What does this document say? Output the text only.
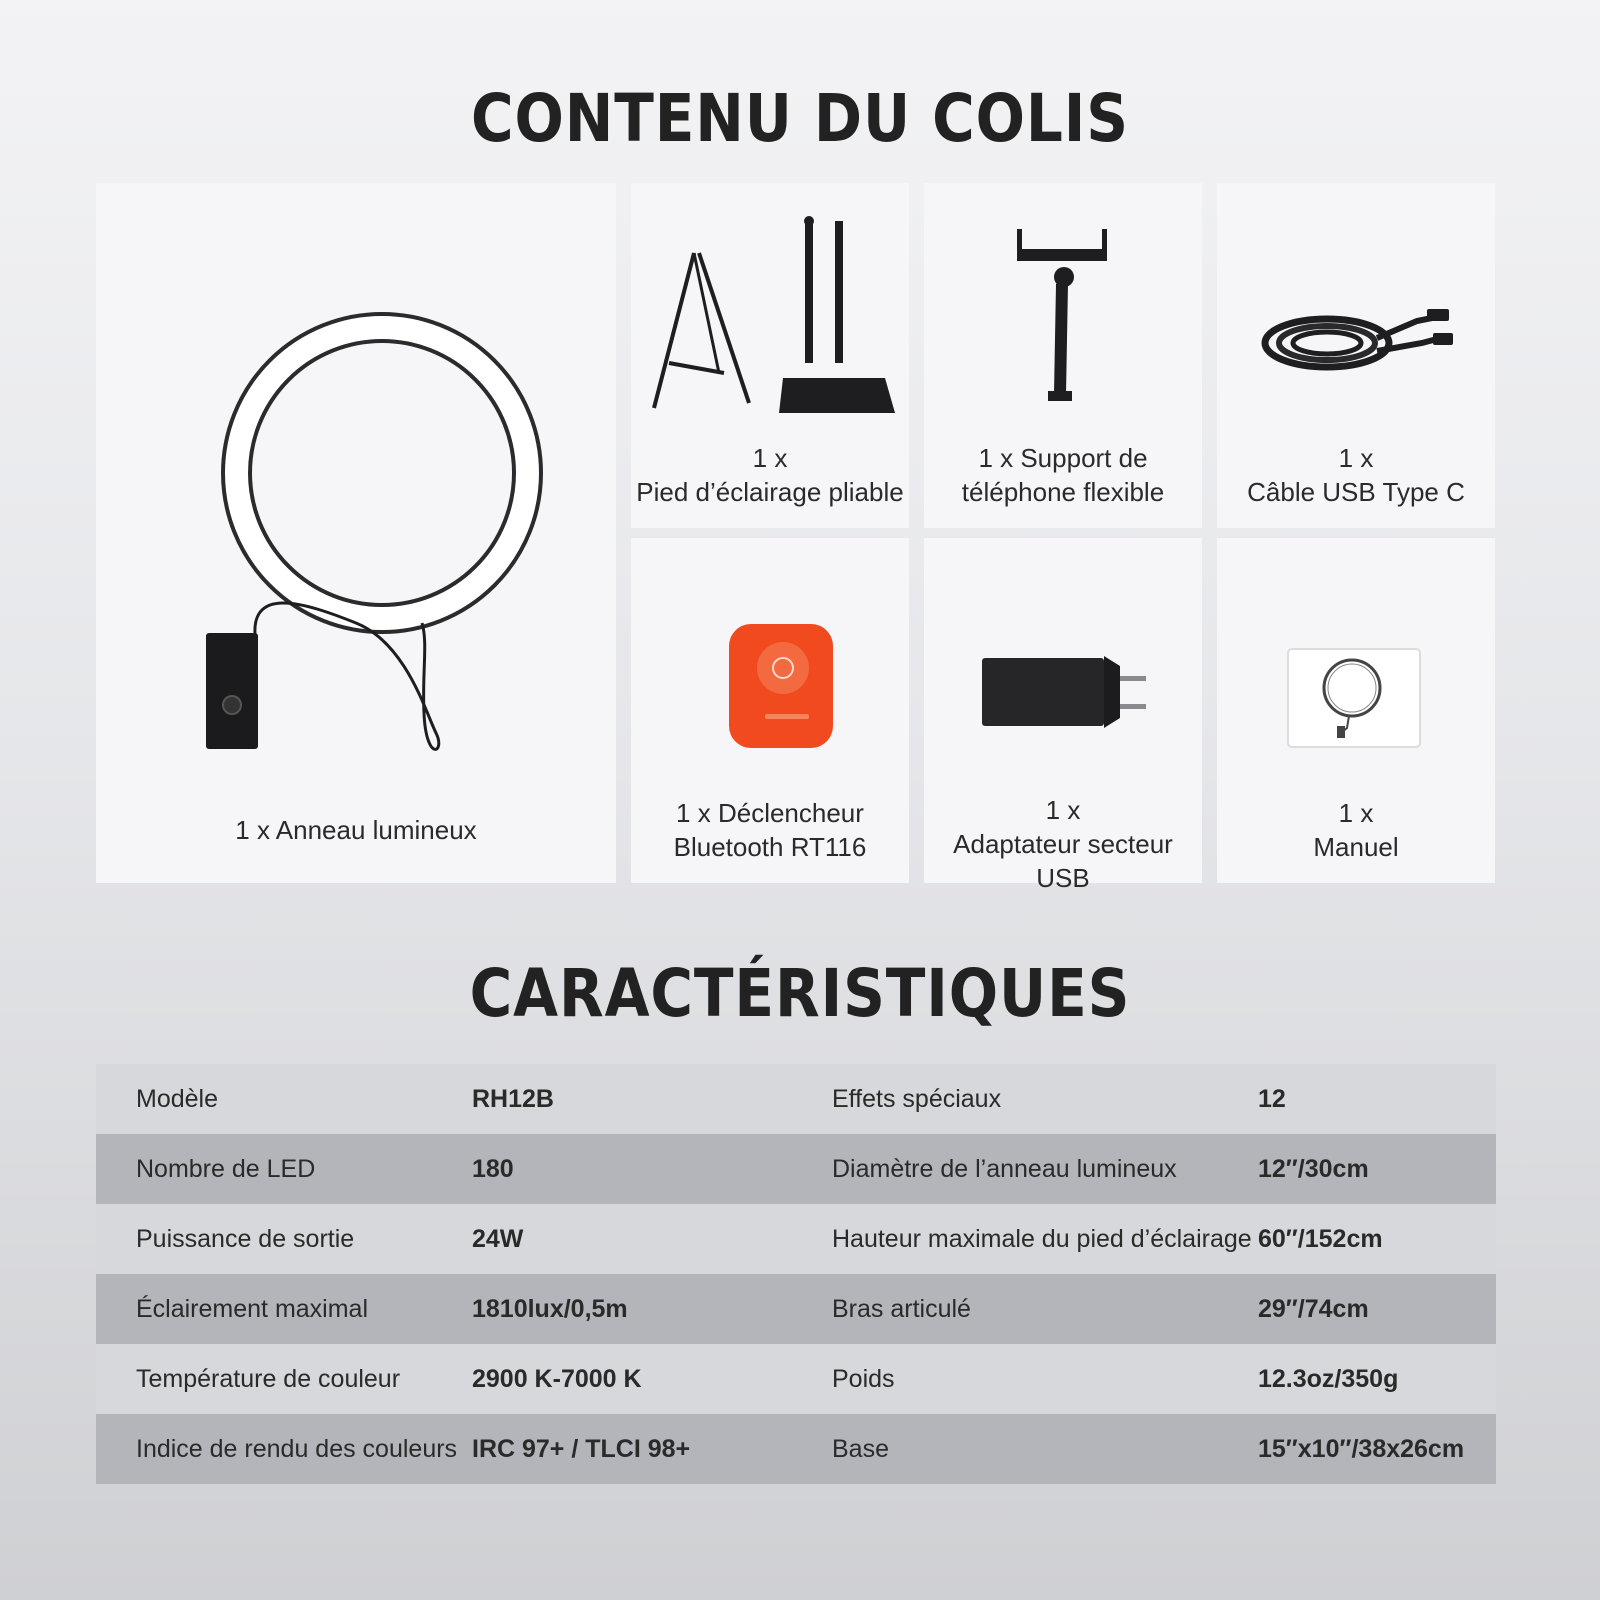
CONTENU DU COLIS
1 x Anneau lumineux
1 x
Pied d’éclairage pliable
1 x Support de
téléphone flexible
1 x
Câble USB Type C
1 x Déclencheur
Bluetooth RT116
1 x
Adaptateur secteur USB
1 x
Manuel
CARACTÉRISTIQUES
Modèle	RH12B	Effets spéciaux	12
Nombre de LED	180	Diamètre de l’anneau lumineux	12″/30cm
Puissance de sortie	24W	Hauteur maximale du pied d’éclairage	60″/152cm
Éclairement maximal	1810lux/0,5m	Bras articulé	29″/74cm
Température de couleur	2900 K-7000 K	Poids	12.3oz/350g
Indice de rendu des couleurs	IRC 97+ / TLCI 98+	Base	15″x10″/38x26cm
